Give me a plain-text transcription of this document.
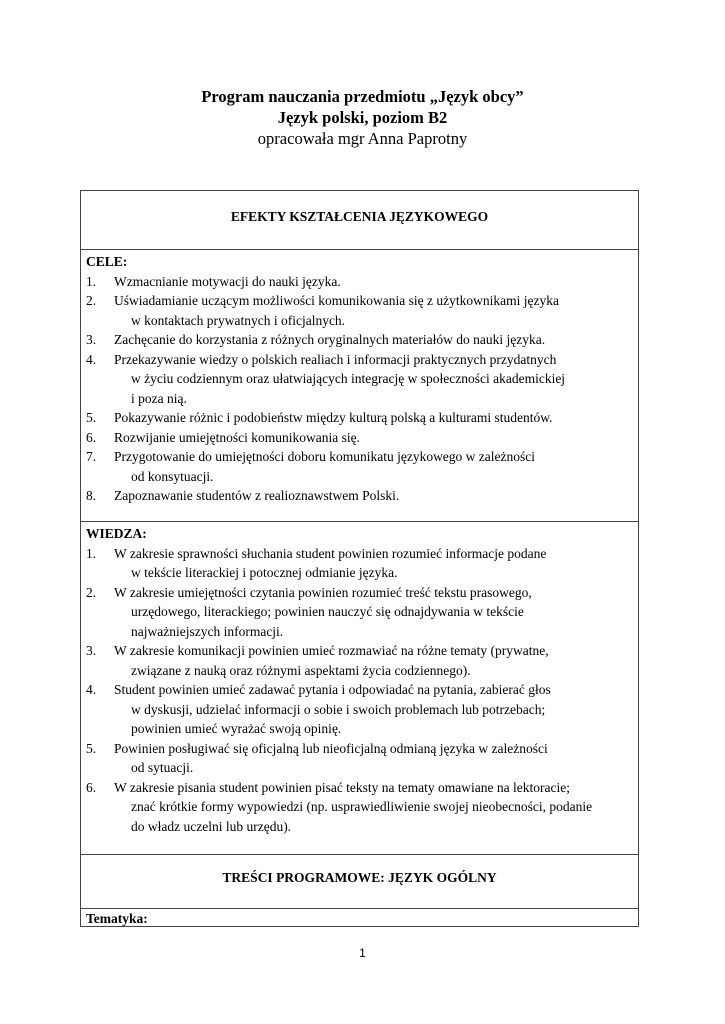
Program nauczania przedmiotu „Język obcy”
Język polski, poziom B2
opracowała mgr Anna Paprotny
EFEKTY KSZTAŁCENIA JĘZYKOWEGO
CELE:
1. Wzmacnianie motywacji do nauki języka.
2. Uświadamianie uczącym możliwości komunikowania się z użytkownikami języka
w kontaktach prywatnych i oficjalnych.
3. Zachęcanie do korzystania z różnych oryginalnych materiałów do nauki języka.
4. Przekazywanie wiedzy o polskich realiach i informacji praktycznych przydatnych
w życiu codziennym oraz ułatwiających integrację w społeczności akademickiej
i poza nią.
5. Pokazywanie różnic i podobieństw między kulturą polską a kulturami studentów.
6. Rozwijanie umiejętności komunikowania się.
7. Przygotowanie do umiejętności doboru komunikatu językowego w zależności
od konsytuacji.
8. Zapoznawanie studentów z realioznawstwem Polski.
WIEDZA:
1. W zakresie sprawności słuchania student powinien rozumieć informacje podane
w tekście literackiej i potocznej odmianie języka.
2. W zakresie umiejętności czytania powinien rozumieć treść tekstu prasowego,
urzędowego, literackiego; powinien nauczyć się odnajdywania w tekście
najważniejszych informacji.
3. W zakresie komunikacji powinien umieć rozmawiać na różne tematy (prywatne,
związane z nauką oraz różnymi aspektami życia codziennego).
4. Student powinien umieć zadawać pytania i odpowiadać na pytania, zabierać głos
w dyskusji, udzielać informacji o sobie i swoich problemach lub potrzebach;
powinien umieć wyrażać swoją opinię.
5. Powinien posługiwać się oficjalną lub nieoficjalną odmianą języka w zależności
od sytuacji.
6. W zakresie pisania student powinien pisać teksty na tematy omawiane na lektoracie;
znać krótkie formy wypowiedzi (np. usprawiedliwienie swojej nieobecności, podanie
do władz uczelni lub urzędu).
TREŚCI PROGRAMOWE: JĘZYK OGÓLNY
Tematyka:
1
